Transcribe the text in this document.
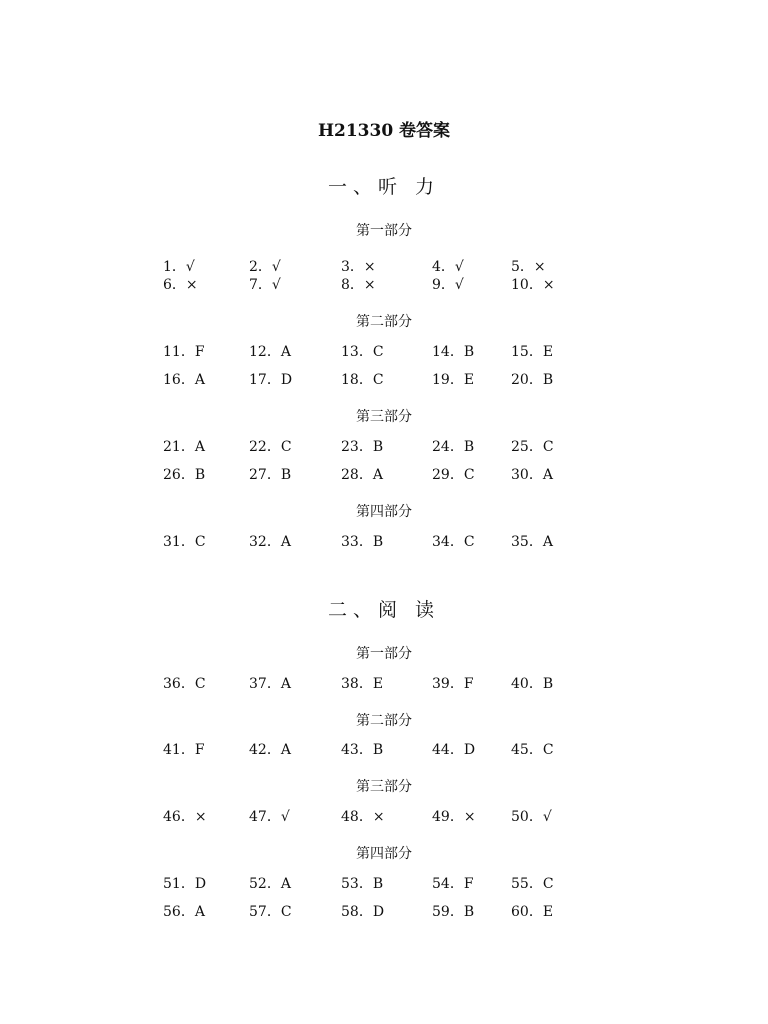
H21330 卷答案
一、听 力
第一部分
1．√	2．√	3．×	4．√	5．×
6．×	7．√	8．×	9．√	10．×
第二部分
11．F	12．A	13．C	14．B	15．E
16．A	17．D	18．C	19．E	20．B
第三部分
21．A	22．C	23．B	24．B	25．C
26．B	27．B	28．A	29．C	30．A
第四部分
31．C	32．A	33．B	34．C	35．A
二、阅 读
第一部分
36．C	37．A	38．E	39．F	40．B
第二部分
41．F	42．A	43．B	44．D	45．C
第三部分
46．×	47．√	48．×	49．×	50．√
第四部分
51．D	52．A	53．B	54．F	55．C
56．A	57．C	58．D	59．B	60．E
